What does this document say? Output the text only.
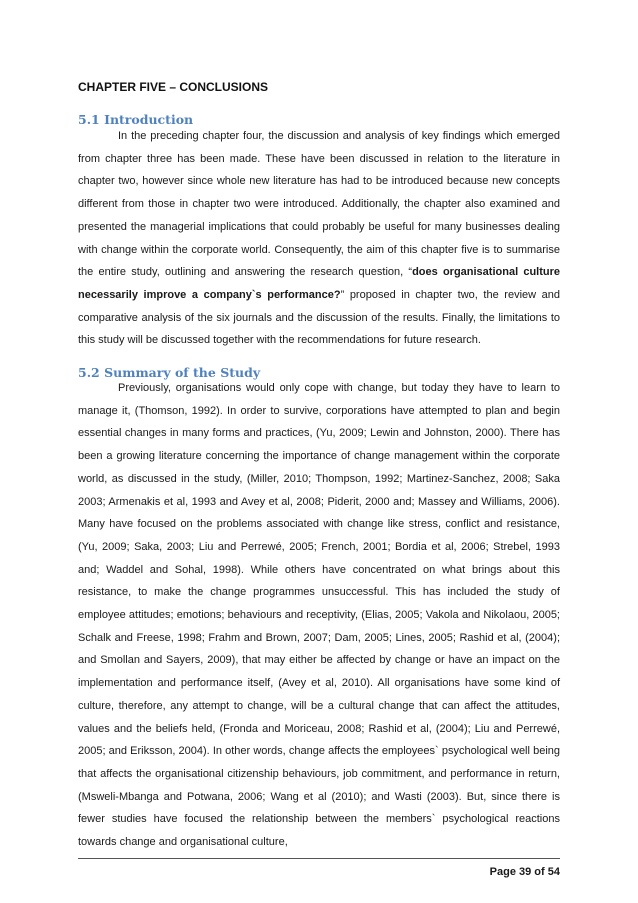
CHAPTER FIVE – CONCLUSIONS
5.1 Introduction

In the preceding chapter four, the discussion and analysis of key findings which emerged from chapter three has been made. These have been discussed in relation to the literature in chapter two, however since whole new literature has had to be introduced because new concepts different from those in chapter two were introduced. Additionally, the chapter also examined and presented the managerial implications that could probably be useful for many businesses dealing with change within the corporate world. Consequently, the aim of this chapter five is to summarise the entire study, outlining and answering the research question, “does organisational culture necessarily improve a company`s performance?” proposed in chapter two, the review and comparative analysis of the six journals and the discussion of the results. Finally, the limitations to this study will be discussed together with the recommendations for future research.

5.2 Summary of the Study

Previously, organisations would only cope with change, but today they have to learn to manage it, (Thomson, 1992). In order to survive, corporations have attempted to plan and begin essential changes in many forms and practices, (Yu, 2009; Lewin and Johnston, 2000). There has been a growing literature concerning the importance of change management within the corporate world, as discussed in the study, (Miller, 2010; Thompson, 1992; Martinez-Sanchez, 2008; Saka 2003; Armenakis et al, 1993 and Avey et al, 2008; Piderit, 2000 and; Massey and Williams, 2006). Many have focused on the problems associated with change like stress, conflict and resistance, (Yu, 2009; Saka, 2003; Liu and Perrewé, 2005; French, 2001; Bordia et al, 2006; Strebel, 1993 and; Waddel and Sohal, 1998). While others have concentrated on what brings about this resistance, to make the change programmes unsuccessful. This has included the study of employee attitudes; emotions; behaviours and receptivity, (Elias, 2005; Vakola and Nikolaou, 2005; Schalk and Freese, 1998; Frahm and Brown, 2007; Dam, 2005; Lines, 2005; Rashid et al, (2004); and Smollan and Sayers, 2009), that may either be affected by change or have an impact on the implementation and performance itself, (Avey et al, 2010). All organisations have some kind of culture, therefore, any attempt to change, will be a cultural change that can affect the attitudes, values and the beliefs held, (Fronda and Moriceau, 2008; Rashid et al, (2004); Liu and Perrewé, 2005; and Eriksson, 2004). In other words, change affects the employees` psychological well being that affects the organisational citizenship behaviours, job commitment, and performance in return, (Msweli-Mbanga and Potwana, 2006; Wang et al (2010); and Wasti (2003). But, since there is fewer studies have focused the relationship between the members` psychological reactions towards change and organisational culture,

Page 39 of 54
